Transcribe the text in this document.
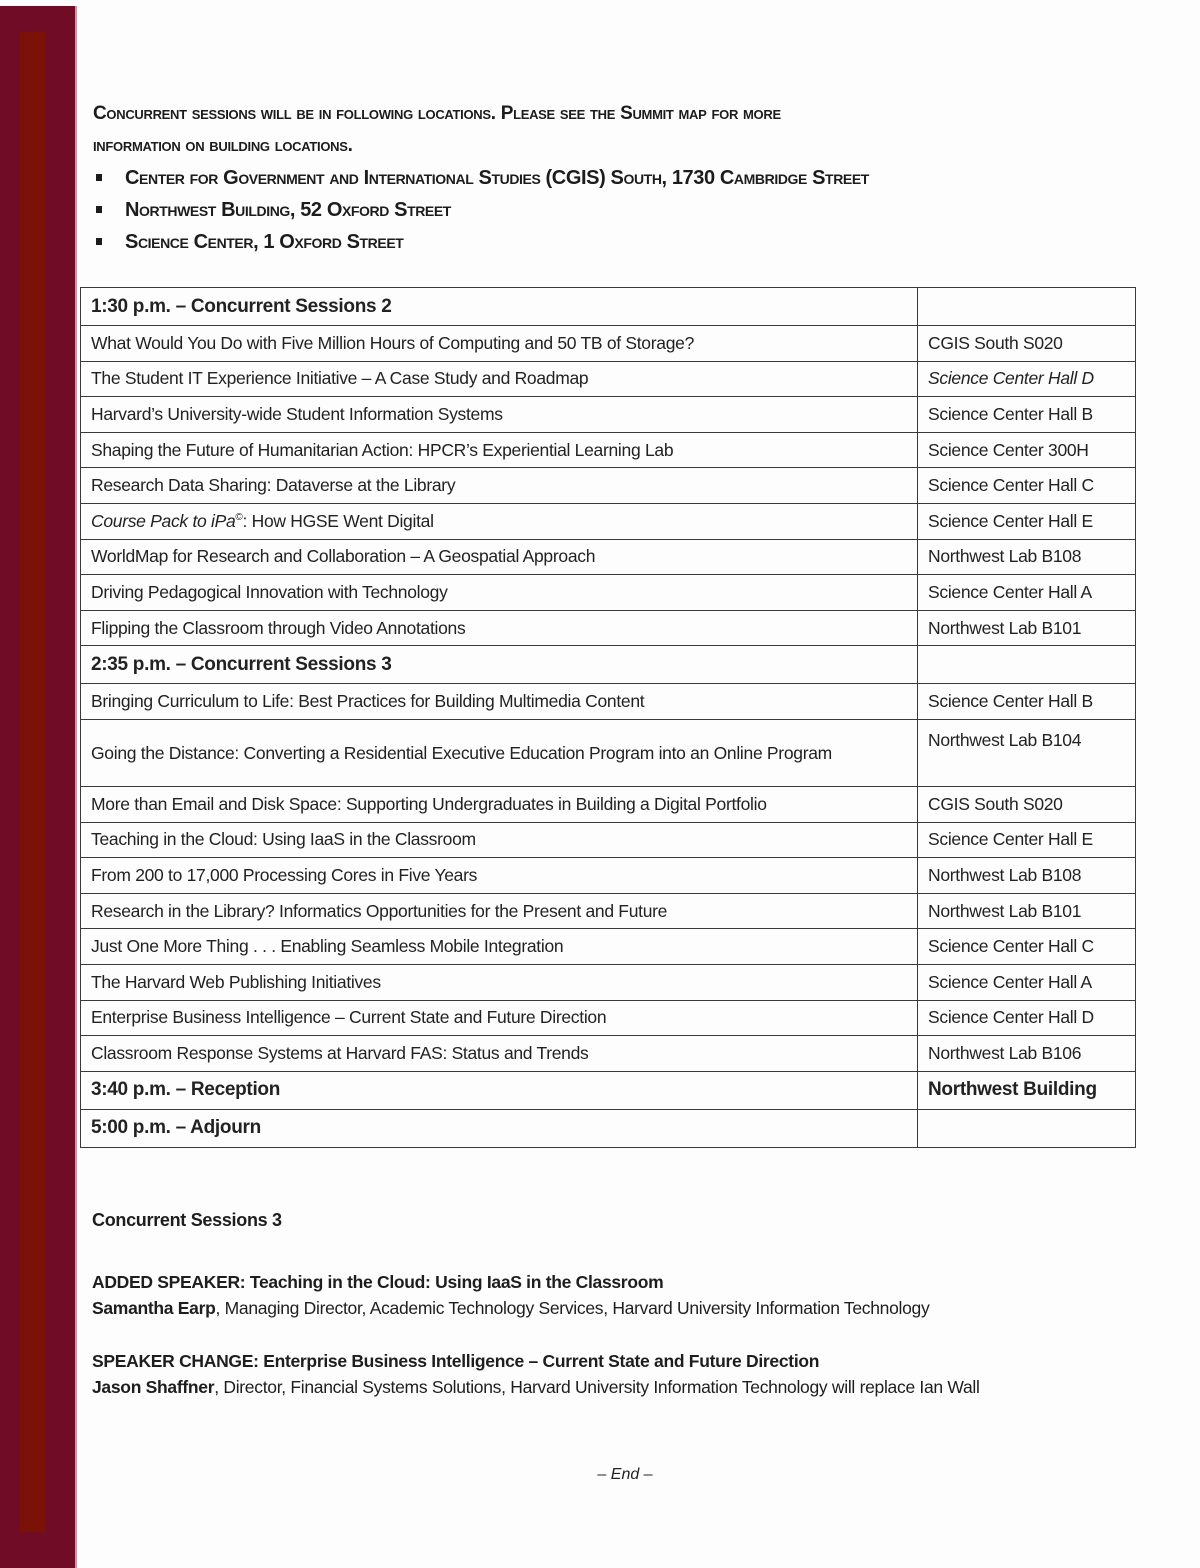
Concurrent sessions will be in following locations. Please see the Summit map for more
information on building locations.
Center for Government and International Studies (CGIS) South, 1730 Cambridge Street
Northwest Building, 52 Oxford Street
Science Center, 1 Oxford Street
1:30 p.m. – Concurrent Sessions 2	
What Would You Do with Five Million Hours of Computing and 50 TB of Storage?	CGIS South S020
The Student IT Experience Initiative – A Case Study and Roadmap	Science Center Hall D
Harvard’s University-wide Student Information Systems	Science Center Hall B
Shaping the Future of Humanitarian Action: HPCR’s Experiential Learning Lab	Science Center 300H
Research Data Sharing: Dataverse at the Library	Science Center Hall C
Course Pack to iPa©: How HGSE Went Digital	Science Center Hall E
WorldMap for Research and Collaboration – A Geospatial Approach	Northwest Lab B108
Driving Pedagogical Innovation with Technology	Science Center Hall A
Flipping the Classroom through Video Annotations	Northwest Lab B101
2:35 p.m. – Concurrent Sessions 3	
Bringing Curriculum to Life: Best Practices for Building Multimedia Content	Science Center Hall B
Going the Distance: Converting a Residential Executive Education Program into an Online Program	Northwest Lab B104
More than Email and Disk Space: Supporting Undergraduates in Building a Digital Portfolio	CGIS South S020
Teaching in the Cloud: Using IaaS in the Classroom	Science Center Hall E
From 200 to 17,000 Processing Cores in Five Years	Northwest Lab B108
Research in the Library? Informatics Opportunities for the Present and Future	Northwest Lab B101
Just One More Thing . . . Enabling Seamless Mobile Integration	Science Center Hall C
The Harvard Web Publishing Initiatives	Science Center Hall A
Enterprise Business Intelligence – Current State and Future Direction	Science Center Hall D
Classroom Response Systems at Harvard FAS: Status and Trends	Northwest Lab B106
3:40 p.m. – Reception	Northwest Building
5:00 p.m. – Adjourn	
Concurrent Sessions 3
ADDED SPEAKER: Teaching in the Cloud: Using IaaS in the Classroom
Samantha Earp, Managing Director, Academic Technology Services, Harvard University Information Technology
SPEAKER CHANGE: Enterprise Business Intelligence – Current State and Future Direction
Jason Shaffner, Director, Financial Systems Solutions, Harvard University Information Technology will replace Ian Wall
– End –
